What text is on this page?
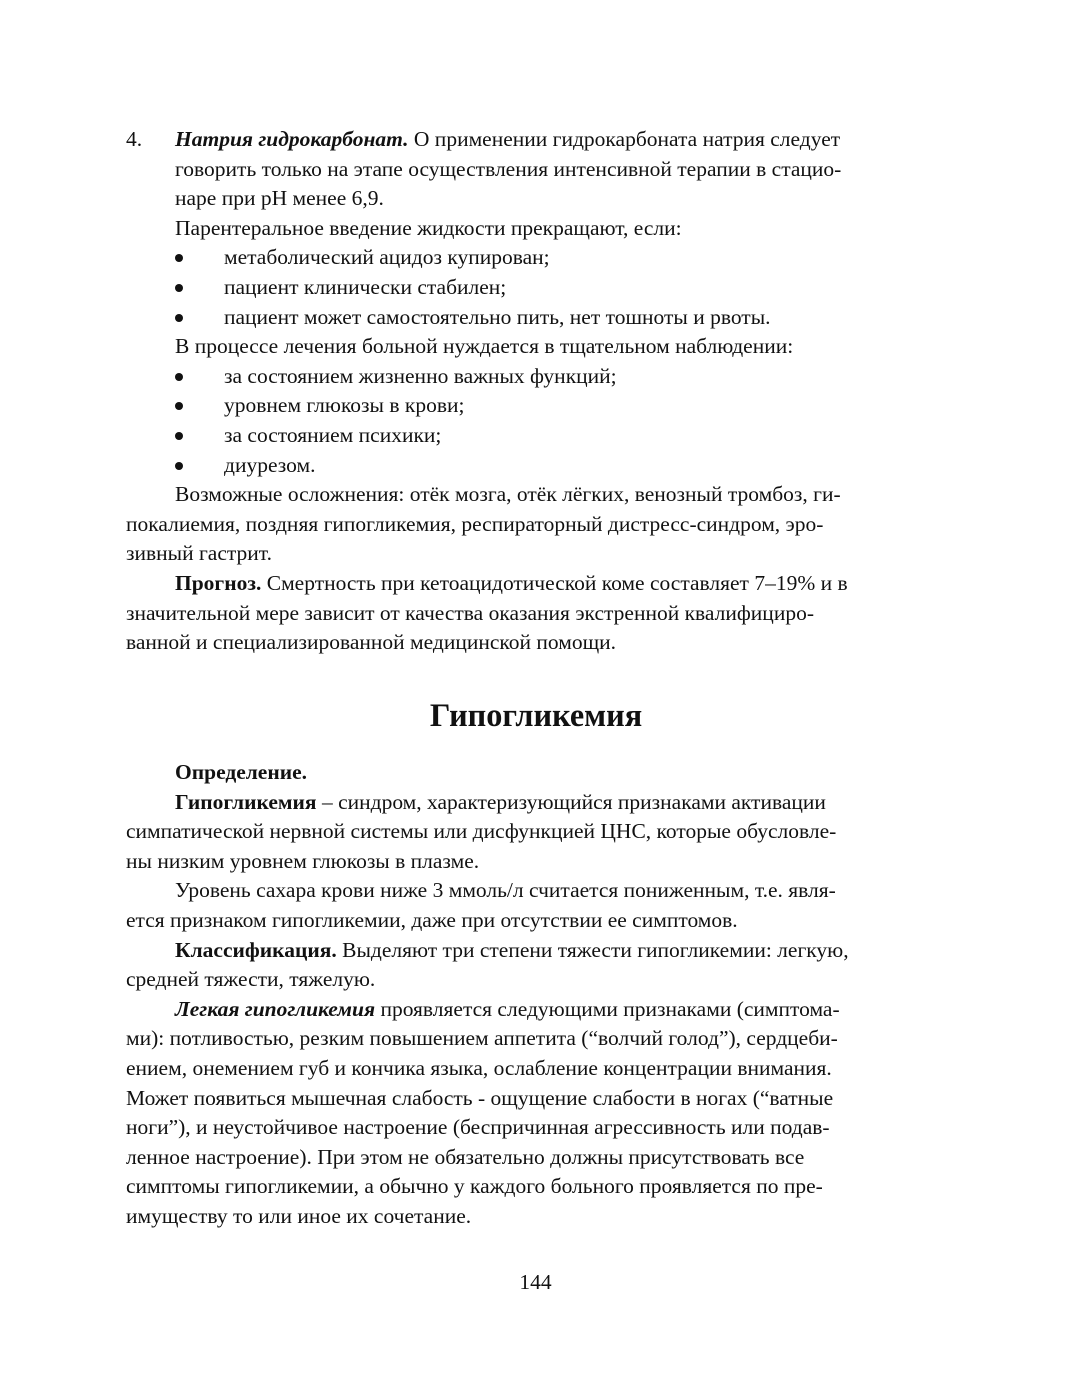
4. Натрия гидрокарбонат. О применении гидрокарбоната натрия следует
говорить только на этапе осуществления интенсивной терапии в стацио-
наре при pH менее 6,9.

Парентеральное введение жидкости прекращают, если:

метаболический ацидоз купирован;
пациент клинически стабилен;
пациент может самостоятельно пить, нет тошноты и рвоты.

В процессе лечения больной нуждается в тщательном наблюдении:

за состоянием жизненно важных функций;
уровнем глюкозы в крови;
за состоянием психики;
диурезом.

Возможные осложнения: отёк мозга, отёк лёгких, венозный тромбоз, ги-
покалиемия, поздняя гипогликемия, респираторный дистресс-синдром, эро-
зивный гастрит.

Прогноз. Смертность при кетоацидотической коме составляет 7–19% и в
значительной мере зависит от качества оказания экстренной квалифициро-
ванной и специализированной медицинской помощи.

Гипогликемия

Определение.

Гипогликемия – синдром, характеризующийся признаками активации
симпатической нервной системы или дисфункцией ЦНС, которые обусловле-
ны низким уровнем глюкозы в плазме.

Уровень сахара крови ниже 3 ммоль/л считается пониженным, т.е. явля-
ется признаком гипогликемии, даже при отсутствии ее симптомов.

Классификация. Выделяют три степени тяжести гипогликемии: легкую,
средней тяжести, тяжелую.

Легкая гипогликемия проявляется следующими признаками (симптома-
ми): потливостью, резким повышением аппетита (“волчий голод”), сердцеби-
ением, онемением губ и кончика языка, ослабление концентрации внимания.
Может появиться мышечная слабость - ощущение слабости в ногах (“ватные
ноги”), и неустойчивое настроение (беспричинная агрессивность или подав-
ленное настроение). При этом не обязательно должны присутствовать все
симптомы гипогликемии, а обычно у каждого больного проявляется по пре-
имуществу то или иное их сочетание.

144
